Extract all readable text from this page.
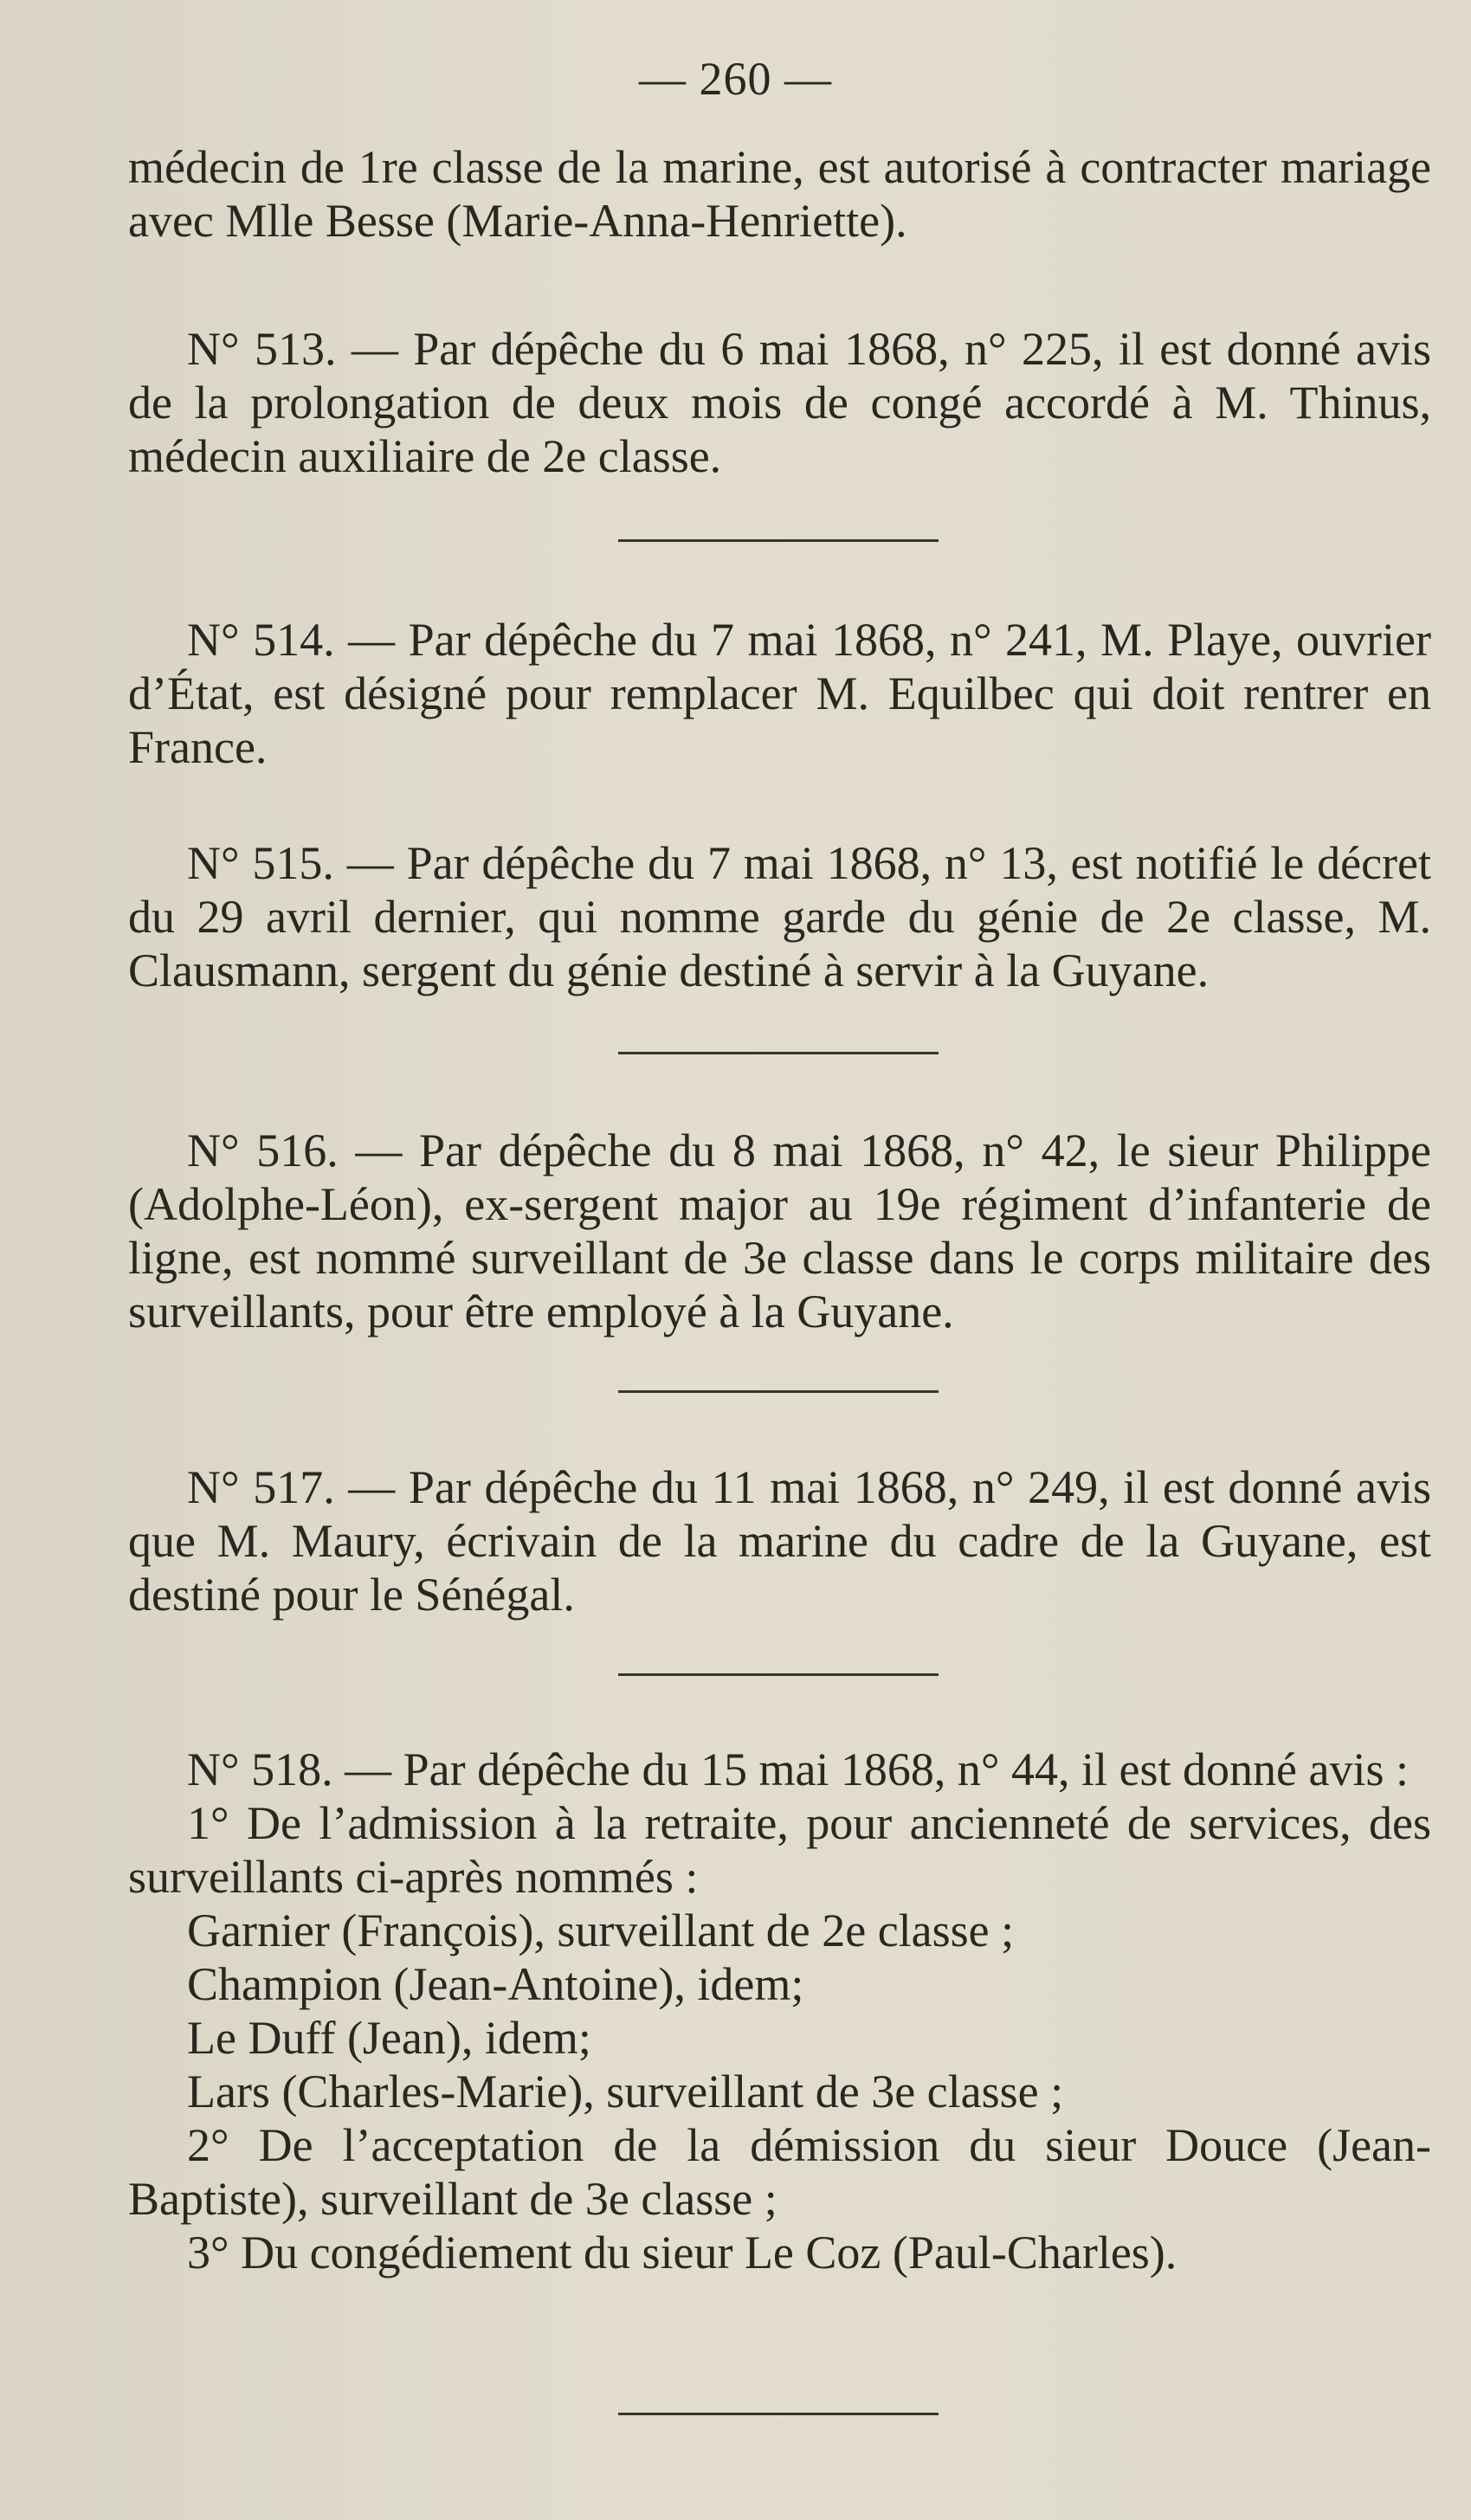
— 260 —

médecin de 1re classe de la marine, est autorisé à contracter mariage avec Mlle Besse (Marie-Anna-Henriette).

N° 513. — Par dépêche du 6 mai 1868, n° 225, il est donné avis de la prolongation de deux mois de congé accordé à M. Thinus, médecin auxiliaire de 2e classe.

N° 514. — Par dépêche du 7 mai 1868, n° 241, M. Playe, ouvrier d’État, est désigné pour remplacer M. Equilbec qui doit rentrer en France.

N° 515. — Par dépêche du 7 mai 1868, n° 13, est notifié le décret du 29 avril dernier, qui nomme garde du génie de 2e classe, M. Clausmann, sergent du génie destiné à servir à la Guyane.

N° 516. — Par dépêche du 8 mai 1868, n° 42, le sieur Philippe (Adolphe-Léon), ex-sergent major au 19e régiment d’infanterie de ligne, est nommé surveillant de 3e classe dans le corps militaire des surveillants, pour être employé à la Guyane.

N° 517. — Par dépêche du 11 mai 1868, n° 249, il est donné avis que M. Maury, écrivain de la marine du cadre de la Guyane, est destiné pour le Sénégal.

N° 518. — Par dépêche du 15 mai 1868, n° 44, il est donné avis :

1° De l’admission à la retraite, pour ancienneté de services, des surveillants ci-après nommés :

Garnier (François), surveillant de 2e classe ;

Champion (Jean-Antoine), idem;

Le Duff (Jean), idem;

Lars (Charles-Marie), surveillant de 3e classe ;

2° De l’acceptation de la démission du sieur Douce (Jean-Baptiste), surveillant de 3e classe ;

3° Du congédiement du sieur Le Coz (Paul-Charles).
